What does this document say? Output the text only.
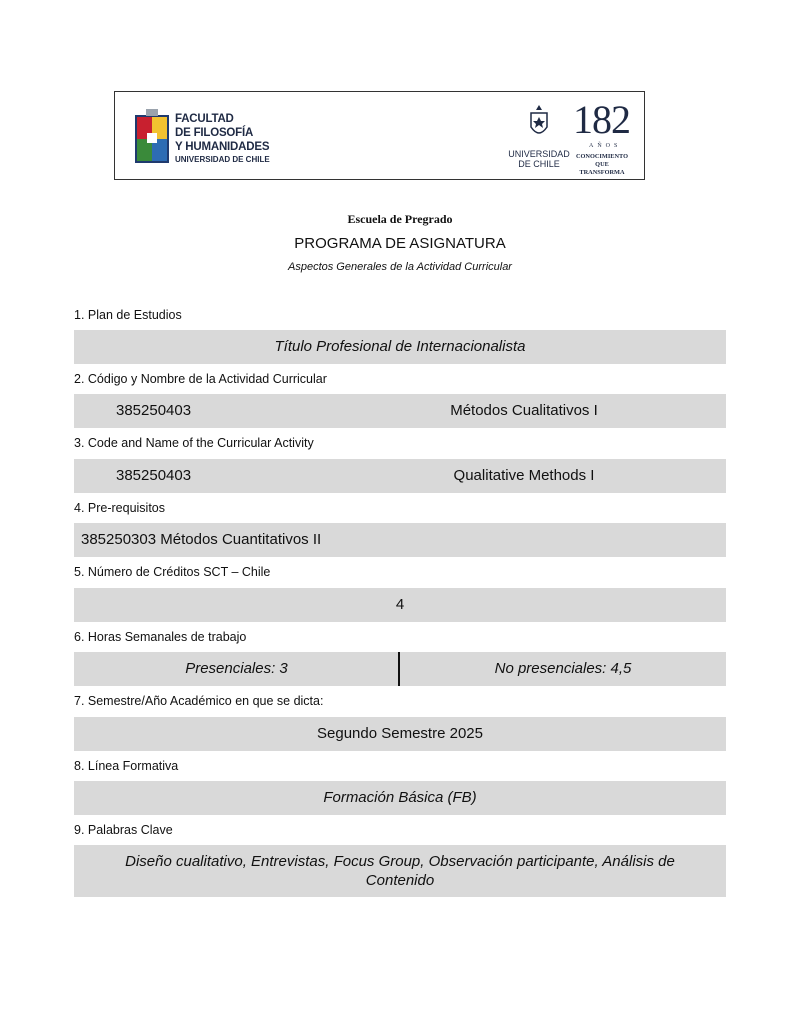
FACULTAD
DE FILOSOFÍA
Y HUMANIDADES
UNIVERSIDAD DE CHILE
UNIVERSIDAD
DE CHILE
182
AÑOS
CONOCIMIENTO
QUE TRANSFORMA
Escuela de Pregrado
PROGRAMA DE ASIGNATURA
Aspectos Generales de la Actividad Curricular
1. Plan de Estudios
Título Profesional de Internacionalista
2. Código y Nombre de la Actividad Curricular
385250403	Métodos Cualitativos I
3. Code and Name of the Curricular Activity
385250403	Qualitative Methods I
4. Pre-requisitos
385250303 Métodos Cuantitativos II
5. Número de Créditos SCT – Chile
4
6. Horas Semanales de trabajo
Presenciales: 3	No presenciales: 4,5
7. Semestre/Año Académico en que se dicta:
Segundo Semestre 2025
8. Línea Formativa
Formación Básica (FB)
9. Palabras Clave
Diseño cualitativo, Entrevistas, Focus Group, Observación participante, Análisis de
Contenido
